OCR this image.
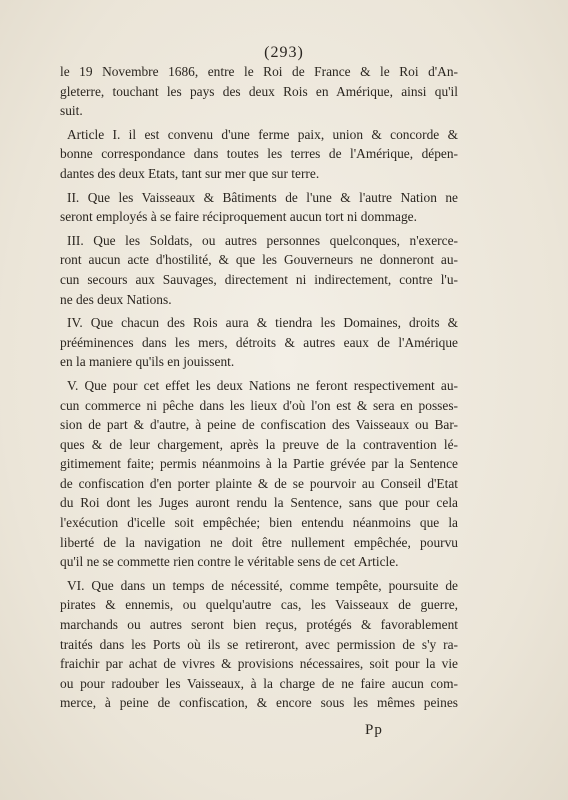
(293)
le 19 Novembre 1686, entre le Roi de France & le Roi d'An-
gleterre, touchant les pays des deux Rois en Amérique, ainsi qu'il
suit.
Article I. il est convenu d'une ferme paix, union & concorde &
bonne correspondance dans toutes les terres de l'Amérique, dépen-
dantes des deux Etats, tant sur mer que sur terre.
II. Que les Vaisseaux & Bâtiments de l'une & l'autre Nation ne
seront employés à se faire réciproquement aucun tort ni dommage.
III. Que les Soldats, ou autres personnes quelconques, n'exerce-
ront aucun acte d'hostilité, & que les Gouverneurs ne donneront au-
cun secours aux Sauvages, directement ni indirectement, contre l'u-
ne des deux Nations.
IV. Que chacun des Rois aura & tiendra les Domaines, droits &
prééminences dans les mers, détroits & autres eaux de l'Amérique
en la maniere qu'ils en jouissent.
V. Que pour cet effet les deux Nations ne feront respectivement au-
cun commerce ni pêche dans les lieux d'où l'on est & sera en posses-
sion de part & d'autre, à peine de confiscation des Vaisseaux ou Bar-
ques & de leur chargement, après la preuve de la contravention lé-
gitimement faite; permis néanmoins à la Partie grévée par la Sentence
de confiscation d'en porter plainte & de se pourvoir au Conseil d'Etat
du Roi dont les Juges auront rendu la Sentence, sans que pour cela
l'exécution d'icelle soit empêchée; bien entendu néanmoins que la
liberté de la navigation ne doit être nullement empêchée, pourvu
qu'il ne se commette rien contre le véritable sens de cet Article.
VI. Que dans un temps de nécessité, comme tempête, poursuite de
pirates & ennemis, ou quelqu'autre cas, les Vaisseaux de guerre,
marchands ou autres seront bien reçus, protégés & favorablement
traités dans les Ports où ils se retireront, avec permission de s'y ra-
fraichir par achat de vivres & provisions nécessaires, soit pour la vie
ou pour radouber les Vaisseaux, à la charge de ne faire aucun com-
merce, à peine de confiscation, & encore sous les mêmes peines
Pp
